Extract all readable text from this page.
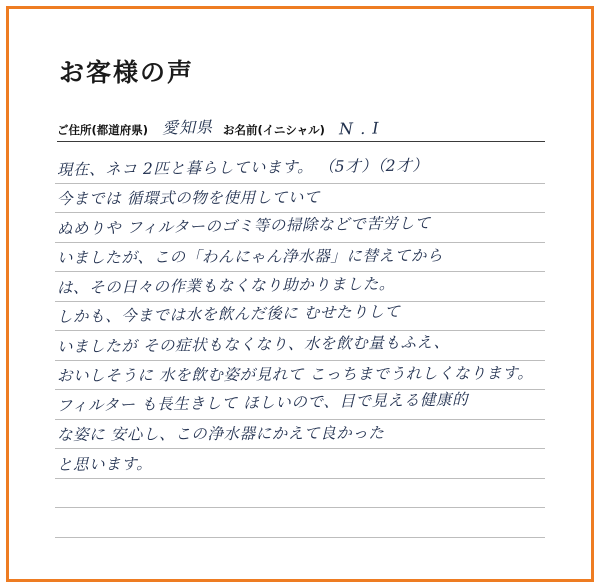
お客様の声
ご住所(都道府県) 愛知県 お名前(イニシャル) N . I
現在、ネコ 2匹と暮らしています。 （5才）（2才）
今までは 循環式の物を使用していて
ぬめりや フィルターのゴミ等の掃除などで苦労して
いましたが、この「わんにゃん浄水器」に替えてから
は、その日々の作業もなくなり助かりました。
しかも、今までは水を飲んだ後に むせたりして
いましたが その症状もなくなり、水を飲む量もふえ、
おいしそうに 水を飲む姿が見れて こっちまでうれしくなります。
フィルター も長生きして ほしいので、目で見える健康的
な姿に 安心し、この浄水器にかえて良かった
と思います。
